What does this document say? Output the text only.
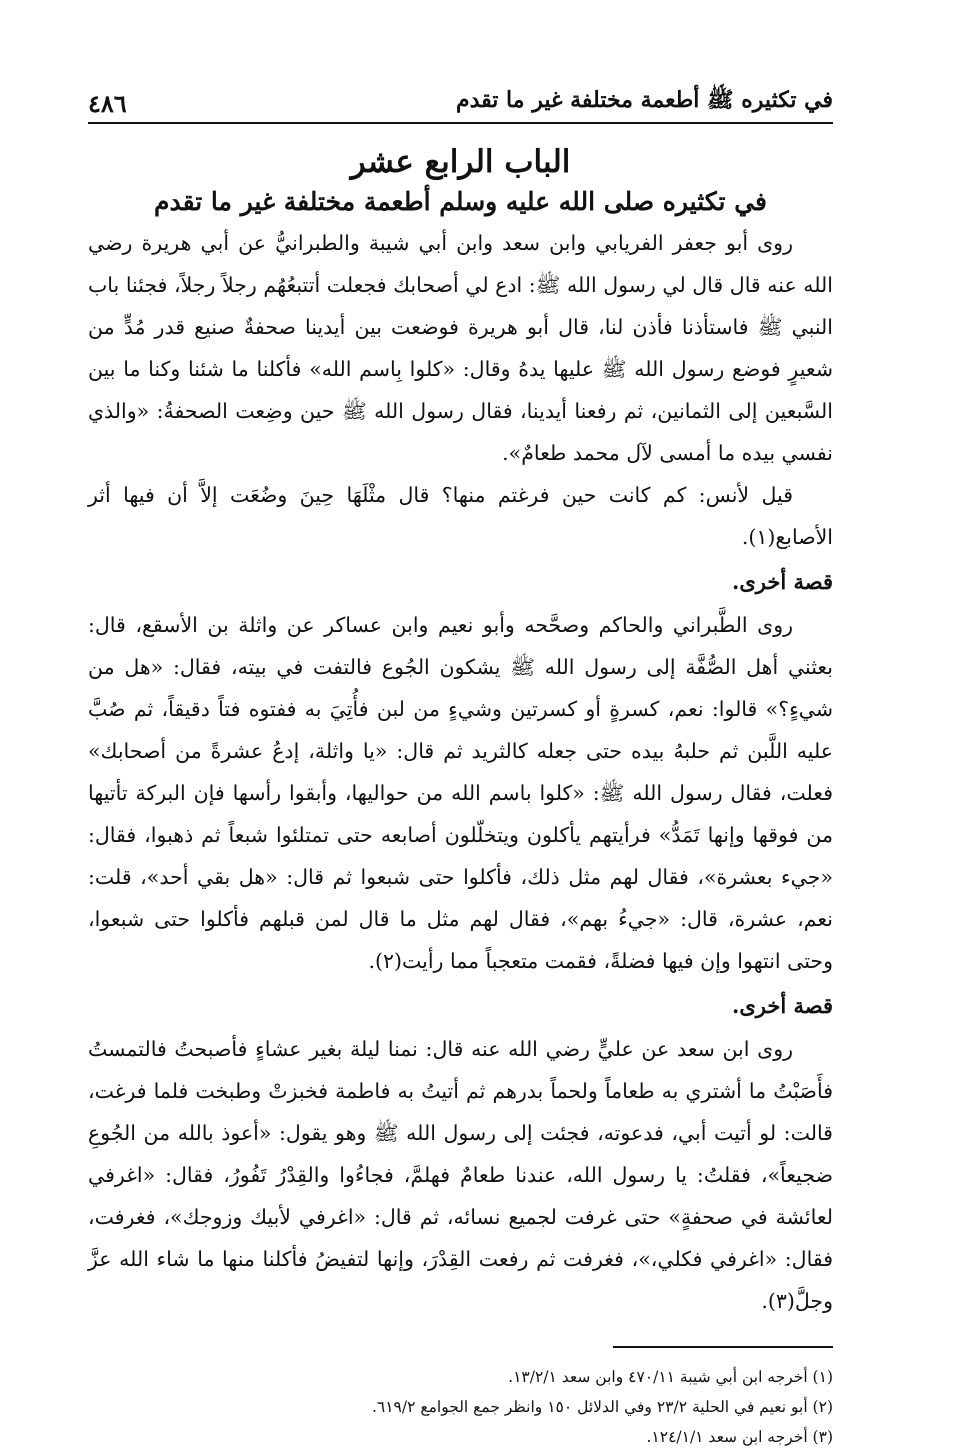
في تكثيره ﷺ أطعمة مختلفة غير ما تقدم
٤٨٦
الباب الرابع عشر
في تكثيره صلى الله عليه وسلم أطعمة مختلفة غير ما تقدم

روى أبو جعفر الفريابي وابن سعد وابن أبي شيبة والطبرانيُّ عن أبي هريرة رضي الله عنه قال قال لي رسول الله ﷺ: ادع لي أصحابك فجعلت أتتبعُهُم رجلاً رجلاً، فجئنا باب النبي ﷺ فاستأذنا فأذن لنا، قال أبو هريرة فوضعت بين أيدينا صحفةٌ صنيع قدر مُدٍّ من شعيرٍ فوضع رسول الله ﷺ عليها يدهُ وقال: «كلوا بِاسم الله» فأكلنا ما شئنا وكنا ما بين السَّبعين إلى الثمانين، ثم رفعنا أيدينا، فقال رسول الله ﷺ حين وضِعت الصحفةُ: «والذي نفسي بيده ما أمسى لآل محمد طعامٌ».

قيل لأنس: كم كانت حين فرغتم منها؟ قال مثْلَهَا حِينَ وضُعَت إلاَّ أن فيها أثر الأصابع(١).

قصة أخرى.

روى الطَّبراني والحاكم وصحَّحه وأبو نعيم وابن عساكر عن واثلة بن الأسقع، قال: بعثني أهل الصُّفَّة إلى رسول الله ﷺ يشكون الجُوع فالتفت في بيته، فقال: «هل من شيءٍ؟» قالوا: نعم، كسرةٍ أو كسرتين وشيءٍ من لبن فأُتِيَ به ففتوه فتاً دقيقاً، ثم صُبَّ عليه اللَّبن ثم حلبهُ بيده حتى جعله كالثريد ثم قال: «يا واثلة، إدعُ عشرةً من أصحابك» فعلت، فقال رسول الله ﷺ: «كلوا باسم الله من حواليها، وأبقوا رأسها فإن البركة تأتيها من فوقها وإنها تَمَدُّ» فرأيتهم يأكلون ويتخلّلون أصابعه حتى تمتلئوا شبعاً ثم ذهبوا، فقال: «جيء بعشرة»، فقال لهم مثل ذلك، فأكلوا حتى شبعوا ثم قال: «هل بقي أحد»، قلت: نعم، عشرة، قال: «جيءُ بهم»، فقال لهم مثل ما قال لمن قبلهم فأكلوا حتى شبعوا، وحتى انتهوا وإن فيها فضلةً، فقمت متعجباً مما رأيت(٢).

قصة أخرى.

روى ابن سعد عن عليٍّ رضي الله عنه قال: نمنا ليلة بغير عشاءٍ فأصبحتُ فالتمستُ فأَصَبْتُ ما أشتري به طعاماً ولحماً بدرهم ثم أتيتُ به فاطمة فخبزتْ وطبخت فلما فرغت، قالت: لو أتيت أبي، فدعوته، فجئت إلى رسول الله ﷺ وهو يقول: «أعوذ بالله من الجُوعِ ضجيعاً»، فقلتُ: يا رسول الله، عندنا طعامٌ فهلمَّ، فجاءُوا والقِدْرُ تَفُورُ، فقال: «اغرفي لعائشة في صحفةٍ» حتى غرفت لجميع نسائه، ثم قال: «اغرفي لأبيك وزوجك»، فغرفت، فقال: «اغرفي فكلي،»، فغرفت ثم رفعت القِدْرَ، وإنها لتفيضُ فأكلنا منها ما شاء الله عزَّ وجلَّ(٣).

(١) أخرجه ابن أبي شيبة ٤٧٠/١١ وابن سعد ١٣/٢/١.
(٢) أبو نعيم في الحلية ٢٣/٢ وفي الدلائل ١٥٠ وانظر جمع الجوامع ٦١٩/٢.
(٣) أخرجه ابن سعد ١٢٤/١/١.
